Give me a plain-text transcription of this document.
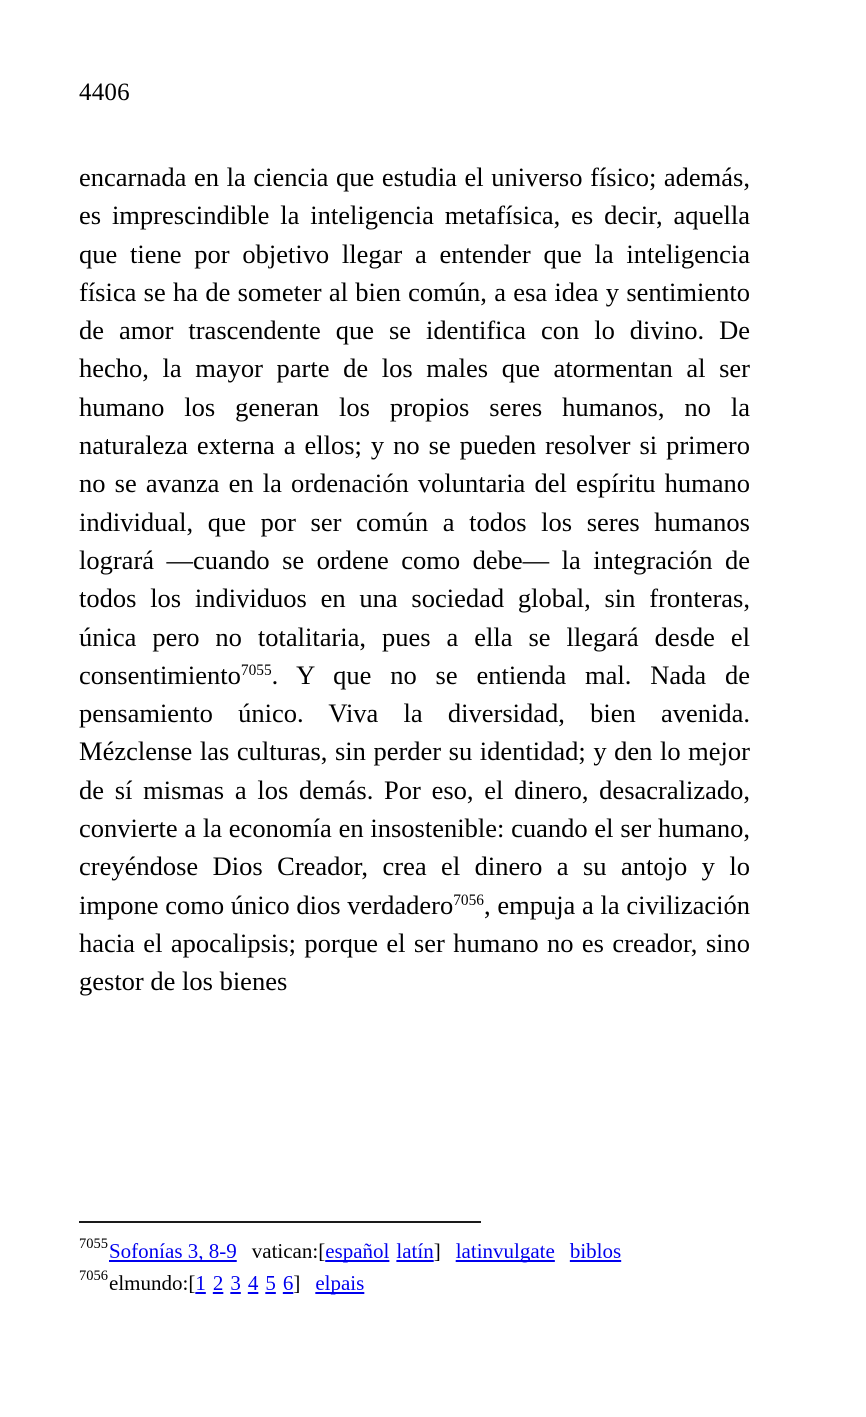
4406

encarnada en la ciencia que estudia el universo físico; además, es imprescindible la inteligencia metafísica, es decir, aquella que tiene por objetivo llegar a entender que la inteligencia física se ha de someter al bien común, a esa idea y sentimiento de amor trascendente que se identifica con lo divino. De hecho, la mayor parte de los males que atormentan al ser humano los generan los propios seres humanos, no la naturaleza externa a ellos; y no se pueden resolver si primero no se avanza en la ordenación voluntaria del espíritu humano individual, que por ser común a todos los seres humanos logrará —cuando se ordene como debe— la integración de todos los individuos en una sociedad global, sin fronteras, única pero no totalitaria, pues a ella se llegará desde el consentimiento$^{7055}$. Y que no se entienda mal. Nada de pensamiento único. Viva la diversidad, bien avenida. Mézclense las culturas, sin perder su identidad; y den lo mejor de sí mismas a los demás. Por eso, el dinero, desacralizado, convierte a la economía en insostenible: cuando el ser humano, creyéndose Dios Creador, crea el dinero a su antojo y lo impone como único dios verdadero$^{7056}$, empuja a la civilización hacia el apocalipsis; porque el ser humano no es creador, sino gestor de los bienes

$^{7055}$Sofonías 3, 8-9 vatican:[español latín] latinvulgate biblos
$^{7056}$elmundo:[1 2 3 4 5 6] elpais
